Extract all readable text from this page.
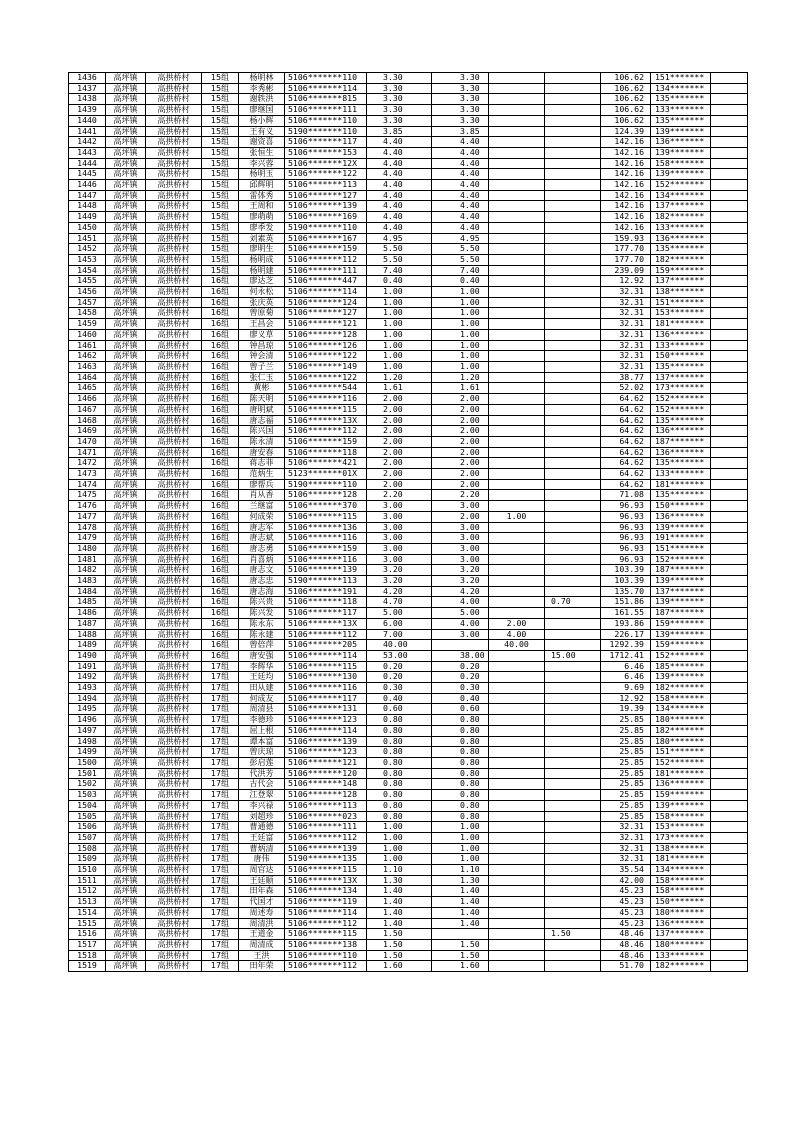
1436	高坪镇	高拱桥村	15组	杨明林	5106*******110	3.30	3.30			106.62	151*******	
1437	高坪镇	高拱桥村	15组	李秀彬	5106*******114	3.30	3.30			106.62	134*******	
1438	高坪镇	高拱桥村	15组	谢轶洪	5106*******815	3.30	3.30			106.62	135*******	
1439	高坪镇	高拱桥村	15组	廖继国	5106*******111	3.30	3.30			106.62	133*******	
1440	高坪镇	高拱桥村	15组	杨小辉	5106*******110	3.30	3.30			106.62	135*******	
1441	高坪镇	高拱桥村	15组	王有义	5190*******110	3.85	3.85			124.39	139*******	
1442	高坪镇	高拱桥村	15组	谢资喜	5106*******117	4.40	4.40			142.16	136*******	
1443	高坪镇	高拱桥村	15组	张恒生	5106*******153	4.40	4.40			142.16	139*******	
1444	高坪镇	高拱桥村	15组	李兴蓉	5106*******12X	4.40	4.40			142.16	158*******	
1445	高坪镇	高拱桥村	15组	杨明玉	5106*******122	4.40	4.40			142.16	139*******	
1446	高坪镇	高拱桥村	15组	邱辉明	5106*******113	4.40	4.40			142.16	152*******	
1447	高坪镇	高拱桥村	15组	雷体秀	5106*******127	4.40	4.40			142.16	134*******	
1448	高坪镇	高拱桥村	15组	王周和	5106*******139	4.40	4.40			142.16	137*******	
1449	高坪镇	高拱桥村	15组	廖萌萌	5106*******169	4.40	4.40			142.16	182*******	
1450	高坪镇	高拱桥村	15组	廖季发	5190*******110	4.40	4.40			142.16	133*******	
1451	高坪镇	高拱桥村	15组	刘素英	5106*******167	4.95	4.95			159.93	136*******	
1452	高坪镇	高拱桥村	15组	廖明生	5106*******159	5.50	5.50			177.70	135*******	
1453	高坪镇	高拱桥村	15组	杨明成	5106*******112	5.50	5.50			177.70	182*******	
1454	高坪镇	高拱桥村	15组	杨明建	5106*******111	7.40	7.40			239.09	159*******	
1455	高坪镇	高拱桥村	16组	廖达芝	5106*******447	0.40	0.40			12.92	137*******	
1456	高坪镇	高拱桥村	16组	何永松	5106*******114	1.00	1.00			32.31	138*******	
1457	高坪镇	高拱桥村	16组	张庆英	5106*******124	1.00	1.00			32.31	151*******	
1458	高坪镇	高拱桥村	16组	曾原菊	5106*******127	1.00	1.00			32.31	153*******	
1459	高坪镇	高拱桥村	16组	王昌会	5106*******121	1.00	1.00			32.31	181*******	
1460	高坪镇	高拱桥村	16组	廖义草	5106*******128	1.00	1.00			32.31	136*******	
1461	高坪镇	高拱桥村	16组	钟昌琼	5106*******126	1.00	1.00			32.31	133*******	
1462	高坪镇	高拱桥村	16组	钟会清	5106*******122	1.00	1.00			32.31	150*******	
1463	高坪镇	高拱桥村	16组	曾子兰	5106*******149	1.00	1.00			32.31	135*******	
1464	高坪镇	高拱桥村	16组	张仁玉	5106*******122	1.20	1.20			38.77	137*******	
1465	高坪镇	高拱桥村	16组	黄彬	5106*******544	1.61	1.61			52.02	173*******	
1466	高坪镇	高拱桥村	16组	陈天明	5106*******116	2.00	2.00			64.62	152*******	
1467	高坪镇	高拱桥村	16组	唐明斌	5106*******115	2.00	2.00			64.62	152*******	
1468	高坪镇	高拱桥村	16组	唐志福	5106*******13X	2.00	2.00			64.62	135*******	
1469	高坪镇	高拱桥村	16组	陈兴国	5106*******112	2.00	2.00			64.62	136*******	
1470	高坪镇	高拱桥村	16组	陈永清	5106*******159	2.00	2.00			64.62	187*******	
1471	高坪镇	高拱桥村	16组	唐安春	5106*******118	2.00	2.00			64.62	136*******	
1472	高坪镇	高拱桥村	16组	蒋志菲	5106*******421	2.00	2.00			64.62	135*******	
1473	高坪镇	高拱桥村	16组	范炳生	5123*******01X	2.00	2.00			64.62	133*******	
1474	高坪镇	高拱桥村	16组	廖帮兵	5190*******110	2.00	2.00			64.62	181*******	
1475	高坪镇	高拱桥村	16组	肖从香	5106*******128	2.20	2.20			71.08	135*******	
1476	高坪镇	高拱桥村	16组	兰继富	5106*******370	3.00	3.00			96.93	150*******	
1477	高坪镇	高拱桥村	16组	何成荣	5106*******115	3.00	2.00	1.00		96.93	136*******	
1478	高坪镇	高拱桥村	16组	唐志军	5106*******136	3.00	3.00			96.93	139*******	
1479	高坪镇	高拱桥村	16组	唐志斌	5106*******116	3.00	3.00			96.93	191*******	
1480	高坪镇	高拱桥村	16组	唐志勇	5106*******159	3.00	3.00			96.93	151*******	
1481	高坪镇	高拱桥村	16组	肖喜炳	5106*******116	3.00	3.00			96.93	152*******	
1482	高坪镇	高拱桥村	16组	唐志文	5106*******139	3.20	3.20			103.39	187*******	
1483	高坪镇	高拱桥村	16组	唐志忠	5190*******113	3.20	3.20			103.39	139*******	
1484	高坪镇	高拱桥村	16组	唐志海	5106*******191	4.20	4.20			135.70	137*******	
1485	高坪镇	高拱桥村	16组	陈兴贵	5106*******118	4.70	4.00		0.70	151.86	139*******	
1486	高坪镇	高拱桥村	16组	陈兴发	5106*******117	5.00	5.00			161.55	187*******	
1487	高坪镇	高拱桥村	16组	陈永东	5106*******13X	6.00	4.00	2.00		193.86	159*******	
1488	高坪镇	高拱桥村	16组	陈永建	5106*******112	7.00	3.00	4.00		226.17	139*******	
1489	高坪镇	高拱桥村	16组	曾倍萍	5106*******205	40.00		40.00		1292.39	159*******	
1490	高坪镇	高拱桥村	16组	唐安强	5106*******114	53.00	38.00		15.00	1712.41	152*******	
1491	高坪镇	高拱桥村	17组	李辉华	5106*******115	0.20	0.20			6.46	185*******	
1492	高坪镇	高拱桥村	17组	王廷均	5106*******130	0.20	0.20			6.46	139*******	
1493	高坪镇	高拱桥村	17组	田从建	5106*******116	0.30	0.30			9.69	182*******	
1494	高坪镇	高拱桥村	17组	何成友	5106*******117	0.40	0.40			12.92	158*******	
1495	高坪镇	高拱桥村	17组	周清县	5106*******131	0.60	0.60			19.39	134*******	
1496	高坪镇	高拱桥村	17组	李德珍	5106*******123	0.80	0.80			25.85	180*******	
1497	高坪镇	高拱桥村	17组	屈上根	5106*******114	0.80	0.80			25.85	182*******	
1498	高坪镇	高拱桥村	17组	谭本富	5106*******139	0.80	0.80			25.85	180*******	
1499	高坪镇	高拱桥村	17组	曾庆琼	5106*******123	0.80	0.80			25.85	151*******	
1500	高坪镇	高拱桥村	17组	彭启莲	5106*******121	0.80	0.80			25.85	152*******	
1501	高坪镇	高拱桥村	17组	代洪芳	5106*******120	0.80	0.80			25.85	181*******	
1502	高坪镇	高拱桥村	17组	古代会	5106*******148	0.80	0.80			25.85	136*******	
1503	高坪镇	高拱桥村	17组	江登翠	5106*******128	0.80	0.80			25.85	159*******	
1504	高坪镇	高拱桥村	17组	李兴禄	5106*******113	0.80	0.80			25.85	139*******	
1505	高坪镇	高拱桥村	17组	刘超珍	5106*******023	0.80	0.80			25.85	158*******	
1506	高坪镇	高拱桥村	17组	曹通德	5106*******111	1.00	1.00			32.31	153*******	
1507	高坪镇	高拱桥村	17组	王廷富	5106*******112	1.00	1.00			32.31	173*******	
1508	高坪镇	高拱桥村	17组	曹炳清	5106*******139	1.00	1.00			32.31	138*******	
1509	高坪镇	高拱桥村	17组	唐伟	5190*******135	1.00	1.00			32.31	181*******	
1510	高坪镇	高拱桥村	17组	周官达	5106*******115	1.10	1.10			35.54	134*******	
1511	高坪镇	高拱桥村	17组	王廷顺	5106*******13X	1.30	1.30			42.00	158*******	
1512	高坪镇	高拱桥村	17组	田年森	5106*******134	1.40	1.40			45.23	158*******	
1513	高坪镇	高拱桥村	17组	代国才	5106*******119	1.40	1.40			45.23	150*******	
1514	高坪镇	高拱桥村	17组	周述寿	5106*******114	1.40	1.40			45.23	180*******	
1515	高坪镇	高拱桥村	17组	周清洪	5106*******112	1.40	1.40			45.23	136*******	
1516	高坪镇	高拱桥村	17组	王道金	5106*******115	1.50			1.50	48.46	137*******	
1517	高坪镇	高拱桥村	17组	周清成	5106*******138	1.50	1.50			48.46	180*******	
1518	高坪镇	高拱桥村	17组	王洪	5106*******110	1.50	1.50			48.46	133*******	
1519	高坪镇	高拱桥村	17组	田年荣	5106*******112	1.60	1.60			51.70	182*******	
